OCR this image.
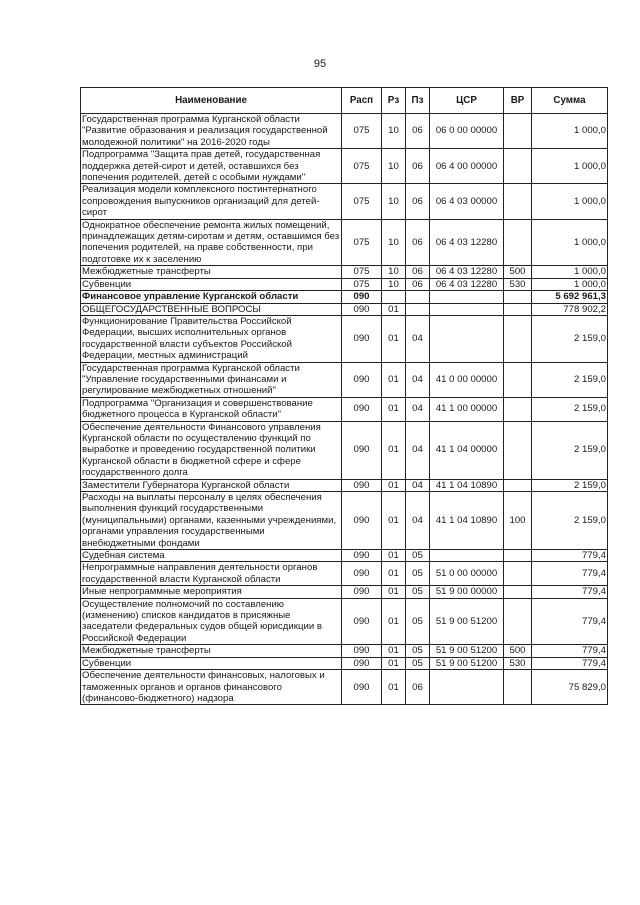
95
Наименование	Расп	Рз	Пз	ЦСР	ВР	Сумма
Государственная программа Курганской области "Развитие образования и реализация государственной молодежной политики" на 2016-2020 годы	075	10	06	06 0 00 00000		1 000,0
Подпрограмма "Защита прав детей, государственная поддержка детей-сирот и детей, оставшихся без попечения родителей, детей с особыми нуждами"	075	10	06	06 4 00 00000		1 000,0
Реализация модели комплексного постинтернатного сопровождения выпускников организаций для детей-сирот	075	10	06	06 4 03 00000		1 000,0
Однократное обеспечение ремонта жилых помещений, принадлежащих детям-сиротам и детям, оставшимся без попечения родителей, на праве собственности, при подготовке их к заселению	075	10	06	06 4 03 12280		1 000,0
Межбюджетные трансферты	075	10	06	06 4 03 12280	500	1 000,0
Субвенции	075	10	06	06 4 03 12280	530	1 000,0
Финансовое управление Курганской области	090					5 692 961,3
ОБЩЕГОСУДАРСТВЕННЫЕ ВОПРОСЫ	090	01				778 902,2
Функционирование Правительства Российской Федерации, высших исполнительных органов государственной власти субъектов Российской Федерации, местных администраций	090	01	04			2 159,0
Государственная программа Курганской области "Управление государственными финансами и регулирование межбюджетных отношений"	090	01	04	41 0 00 00000		2 159,0
Подпрограмма "Организация и совершенствование бюджетного процесса в Курганской области"	090	01	04	41 1 00 00000		2 159,0
Обеспечение деятельности Финансового управления Курганской области по осуществлению функций по выработке и проведению государственной политики Курганской области в бюджетной сфере и сфере государственного долга	090	01	04	41 1 04 00000		2 159,0
Заместители Губернатора Курганской области	090	01	04	41 1 04 10890		2 159,0
Расходы на выплаты персоналу в целях обеспечения выполнения функций государственными (муниципальными) органами, казенными учреждениями, органами управления государственными внебюджетными фондами	090	01	04	41 1 04 10890	100	2 159,0
Судебная система	090	01	05			779,4
Непрограммные направления деятельности органов государственной власти Курганской области	090	01	05	51 0 00 00000		779,4
Иные непрограммные мероприятия	090	01	05	51 9 00 00000		779,4
Осуществление полномочий по составлению (изменению) списков кандидатов в присяжные заседатели федеральных судов общей юрисдикции в Российской Федерации	090	01	05	51 9 00 51200		779,4
Межбюджетные трансферты	090	01	05	51 9 00 51200	500	779,4
Субвенции	090	01	05	51 9 00 51200	530	779,4
Обеспечение деятельности финансовых, налоговых и таможенных органов и органов финансового (финансово-бюджетного) надзора	090	01	06			75 829,0
